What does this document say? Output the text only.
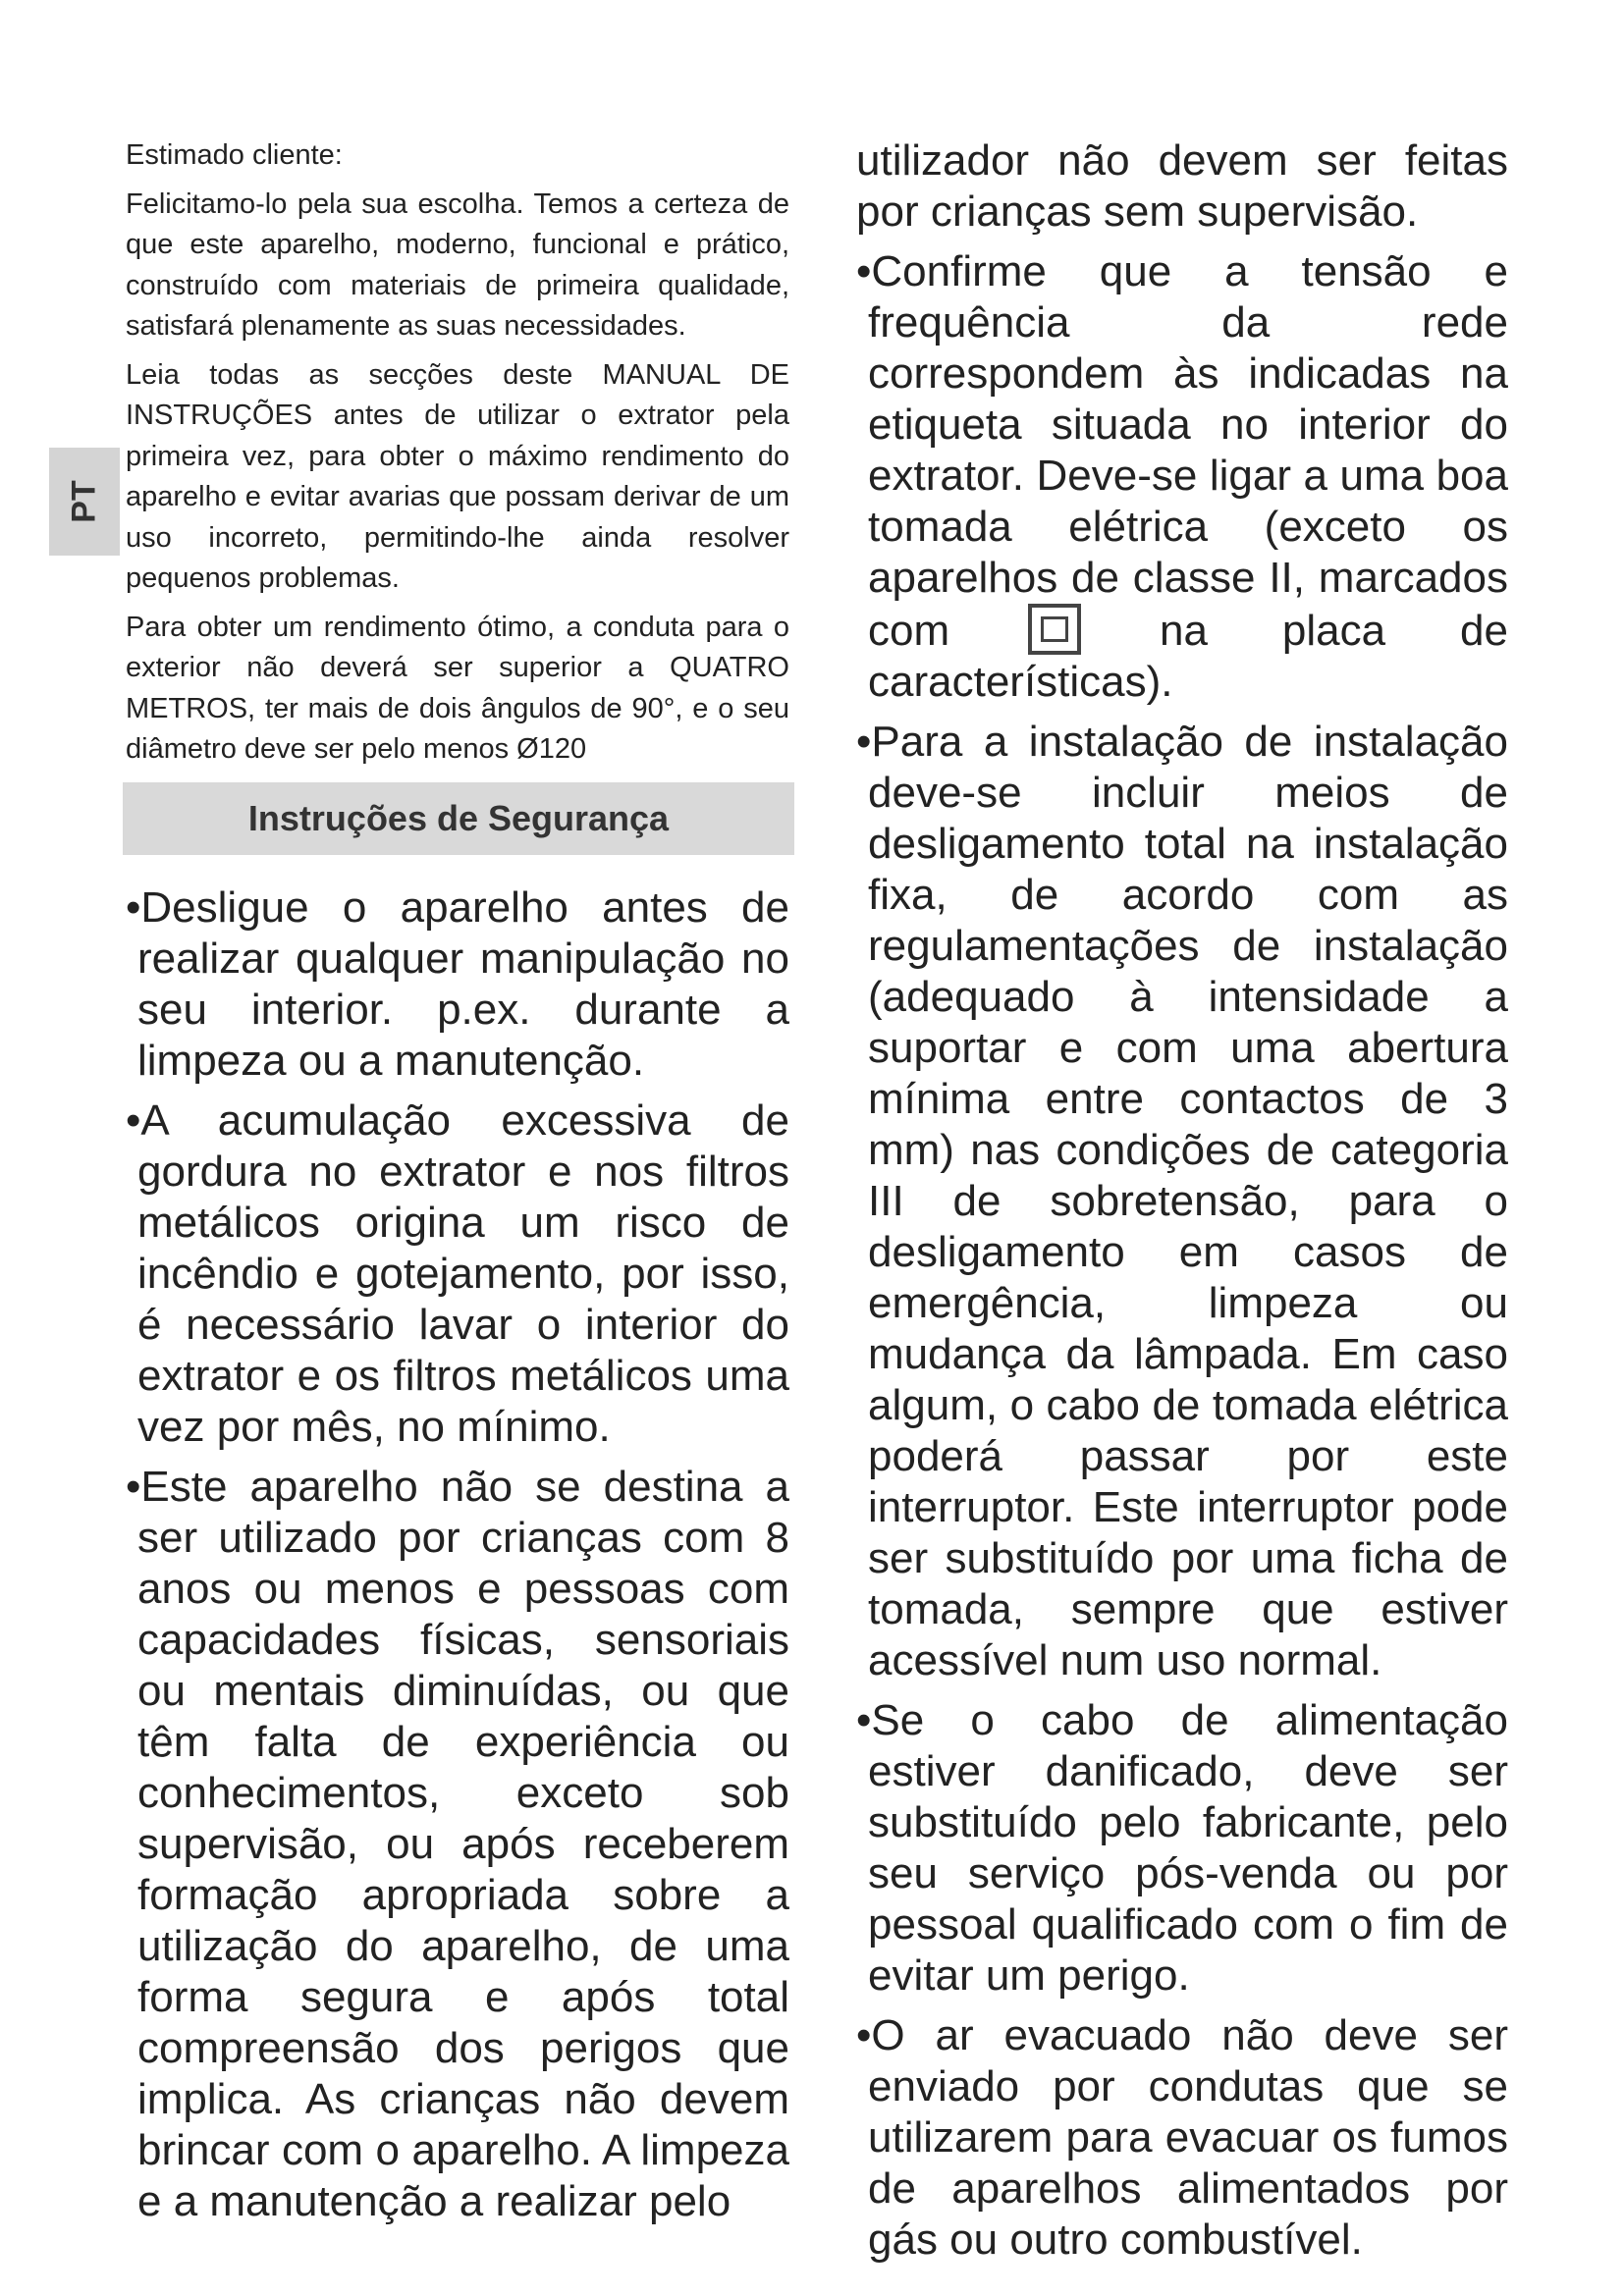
PT

Estimado cliente:

Felicitamo-lo pela sua escolha. Temos a certeza de que este aparelho, moderno, funcional e prático, construído com materiais de primeira qualidade, satisfará plenamente as suas necessidades.

Leia todas as secções deste MANUAL DE INSTRUÇÕES antes de utilizar o extrator pela primeira vez, para obter o máximo rendimento do aparelho e evitar avarias que possam derivar de um uso incorreto, permitindo-lhe ainda resolver pequenos problemas.

Para obter um rendimento ótimo, a conduta para o exterior não deverá ser superior a QUATRO METROS, ter mais de dois ângulos de 90°, e o seu diâmetro deve ser pelo menos Ø120

Instruções de Segurança

•Desligue o aparelho antes de realizar qualquer manipulação no seu interior. p.ex. durante a limpeza ou a manutenção.

•A acumulação excessiva de gordura no extrator e nos filtros metálicos origina um risco de incêndio e gotejamento, por isso, é necessário lavar o interior do extrator e os filtros metálicos uma vez por mês, no mínimo.

•Este aparelho não se destina a ser utilizado por crianças com 8 anos ou menos e pessoas com capacidades físicas, sensoriais ou mentais diminuídas, ou que têm falta de experiência ou conhecimentos, exceto sob supervisão, ou após receberem formação apropriada sobre a utilização do aparelho, de uma forma segura e após total compreensão dos perigos que implica. As crianças não devem brincar com o aparelho. A limpeza e a manutenção a realizar pelo

utilizador não devem ser feitas por crianças sem supervisão.

•Confirme que a tensão e frequência da rede correspondem às indicadas na etiqueta situada no interior do extrator. Deve-se ligar a uma boa tomada elétrica (exceto os aparelhos de classe II, marcados com	na placa de características).

•Para a instalação de instalação deve-se incluir meios de desligamento total na instalação fixa, de acordo com as regulamentações de instalação (adequado à intensidade a suportar e com uma abertura mínima entre contactos de 3 mm) nas condições de categoria III de sobretensão, para o desligamento em casos de emergência, limpeza ou mudança da lâmpada. Em caso algum, o cabo de tomada elétrica poderá passar por este interruptor. Este interruptor pode ser substituído por uma ficha de tomada, sempre que estiver acessível num uso normal.

•Se o cabo de alimentação estiver danificado, deve ser substituído pelo fabricante, pelo seu serviço pós-venda ou por pessoal qualificado com o fim de evitar um perigo.

•O ar evacuado não deve ser enviado por condutas que se utilizarem para evacuar os fumos de aparelhos alimentados por gás ou outro combustível.
